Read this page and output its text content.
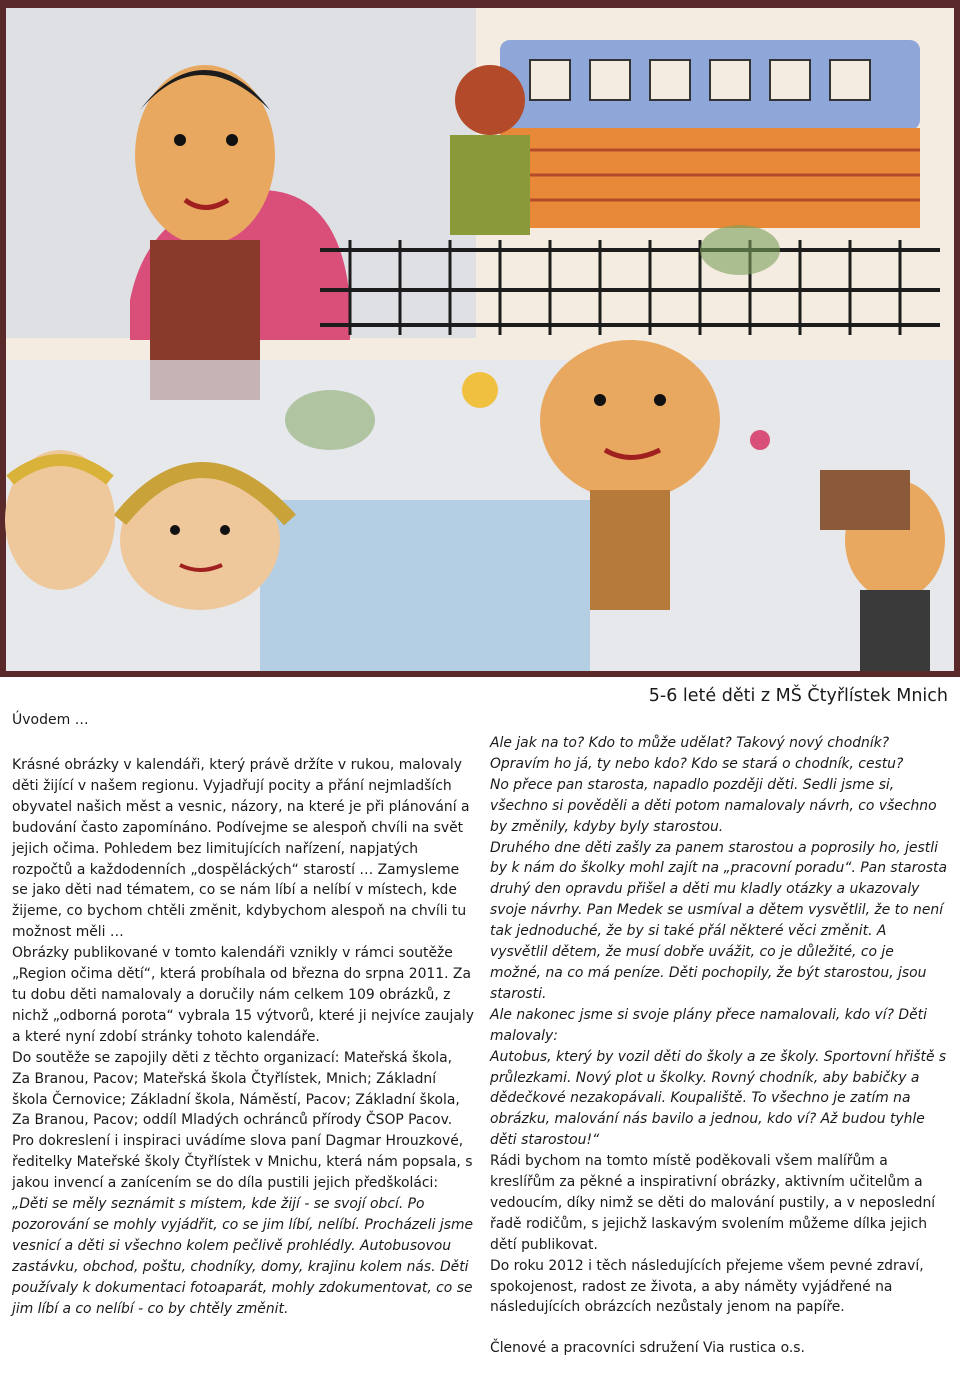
5-6 leté děti z MŠ Čtyřlístek Mnich
Úvodem …

Krásné obrázky v kalendáři, který právě držíte v rukou, malovaly děti žijící v našem regionu. Vyjadřují pocity a přání nejmladších obyvatel našich měst a vesnic, názory, na které je při plánování a budování často zapomínáno. Podívejme se alespoň chvíli na svět jejich očima. Pohledem bez limitujících nařízení, napjatých rozpočtů a každodenních „dospěláckých“ starostí … Zamysleme se jako děti nad tématem, co se nám líbí a nelíbí v místech, kde žijeme, co bychom chtěli změnit, kdybychom alespoň na chvíli tu možnost měli …

Obrázky publikované v tomto kalendáři vznikly v rámci soutěže „Region očima dětí“, která probíhala od března do srpna 2011. Za tu dobu děti namalovaly a doručily nám celkem 109 obrázků, z nichž „odborná porota“ vybrala 15 výtvorů, které ji nejvíce zaujaly a které nyní zdobí stránky tohoto kalendáře.

Do soutěže se zapojily děti z těchto organizací: Mateřská škola, Za Branou, Pacov; Mateřská škola Čtyřlístek, Mnich; Základní škola Černovice; Základní škola, Náměstí, Pacov; Základní škola, Za Branou, Pacov; oddíl Mladých ochránců přírody ČSOP Pacov.

Pro dokreslení i inspiraci uvádíme slova paní Dagmar Hrouzkové, ředitelky Mateřské školy Čtyřlístek v Mnichu, která nám popsala, s jakou invencí a zanícením se do díla pustili jejich předškoláci:

„Děti se měly seznámit s místem, kde žijí - se svojí obcí. Po pozorování se mohly vyjádřit, co se jim líbí, nelíbí. Procházeli jsme vesnicí a děti si všechno kolem pečlivě prohlédly. Autobusovou zastávku, obchod, poštu, chodníky, domy, krajinu kolem nás. Děti používaly k dokumentaci fotoaparát, mohly zdokumentovat, co se jim líbí a co nelíbí - co by chtěly změnit.

Ale jak na to? Kdo to může udělat? Takový nový chodník? Opravím ho já, ty nebo kdo? Kdo se stará o chodník, cestu?

No přece pan starosta, napadlo později děti. Sedli jsme si, všechno si pověděli a děti potom namalovaly návrh, co všechno by změnily, kdyby byly starostou.

Druhého dne děti zašly za panem starostou a poprosily ho, jestli by k nám do školky mohl zajít na „pracovní poradu“. Pan starosta druhý den opravdu přišel a děti mu kladly otázky a ukazovaly svoje návrhy. Pan Medek se usmíval a dětem vysvětlil, že to není tak jednoduché, že by si také přál některé věci změnit. A vysvětlil dětem, že musí dobře uvážit, co je důležité, co je možné, na co má peníze. Děti pochopily, že být starostou, jsou starosti.

Ale nakonec jsme si svoje plány přece namalovali, kdo ví? Děti malovaly:

Autobus, který by vozil děti do školy a ze školy. Sportovní hřiště s průlezkami. Nový plot u školky. Rovný chodník, aby babičky a dědečkové nezakopávali. Koupaliště. To všechno je zatím na obrázku, malování nás bavilo a jednou, kdo ví? Až budou tyhle děti starostou!“

Rádi bychom na tomto místě poděkovali všem malířům a kreslířům za pěkné a inspirativní obrázky, aktivním učitelům a vedoucím, díky nimž se děti do malování pustily, a v neposlední řadě rodičům, s jejichž laskavým svolením můžeme dílka jejich dětí publikovat.

Do roku 2012 i těch následujících přejeme všem pevné zdraví, spokojenost, radost ze života, a aby náměty vyjádřené na následujících obrázcích nezůstaly jenom na papíře.

Členové a pracovníci sdružení Via rustica o.s.
